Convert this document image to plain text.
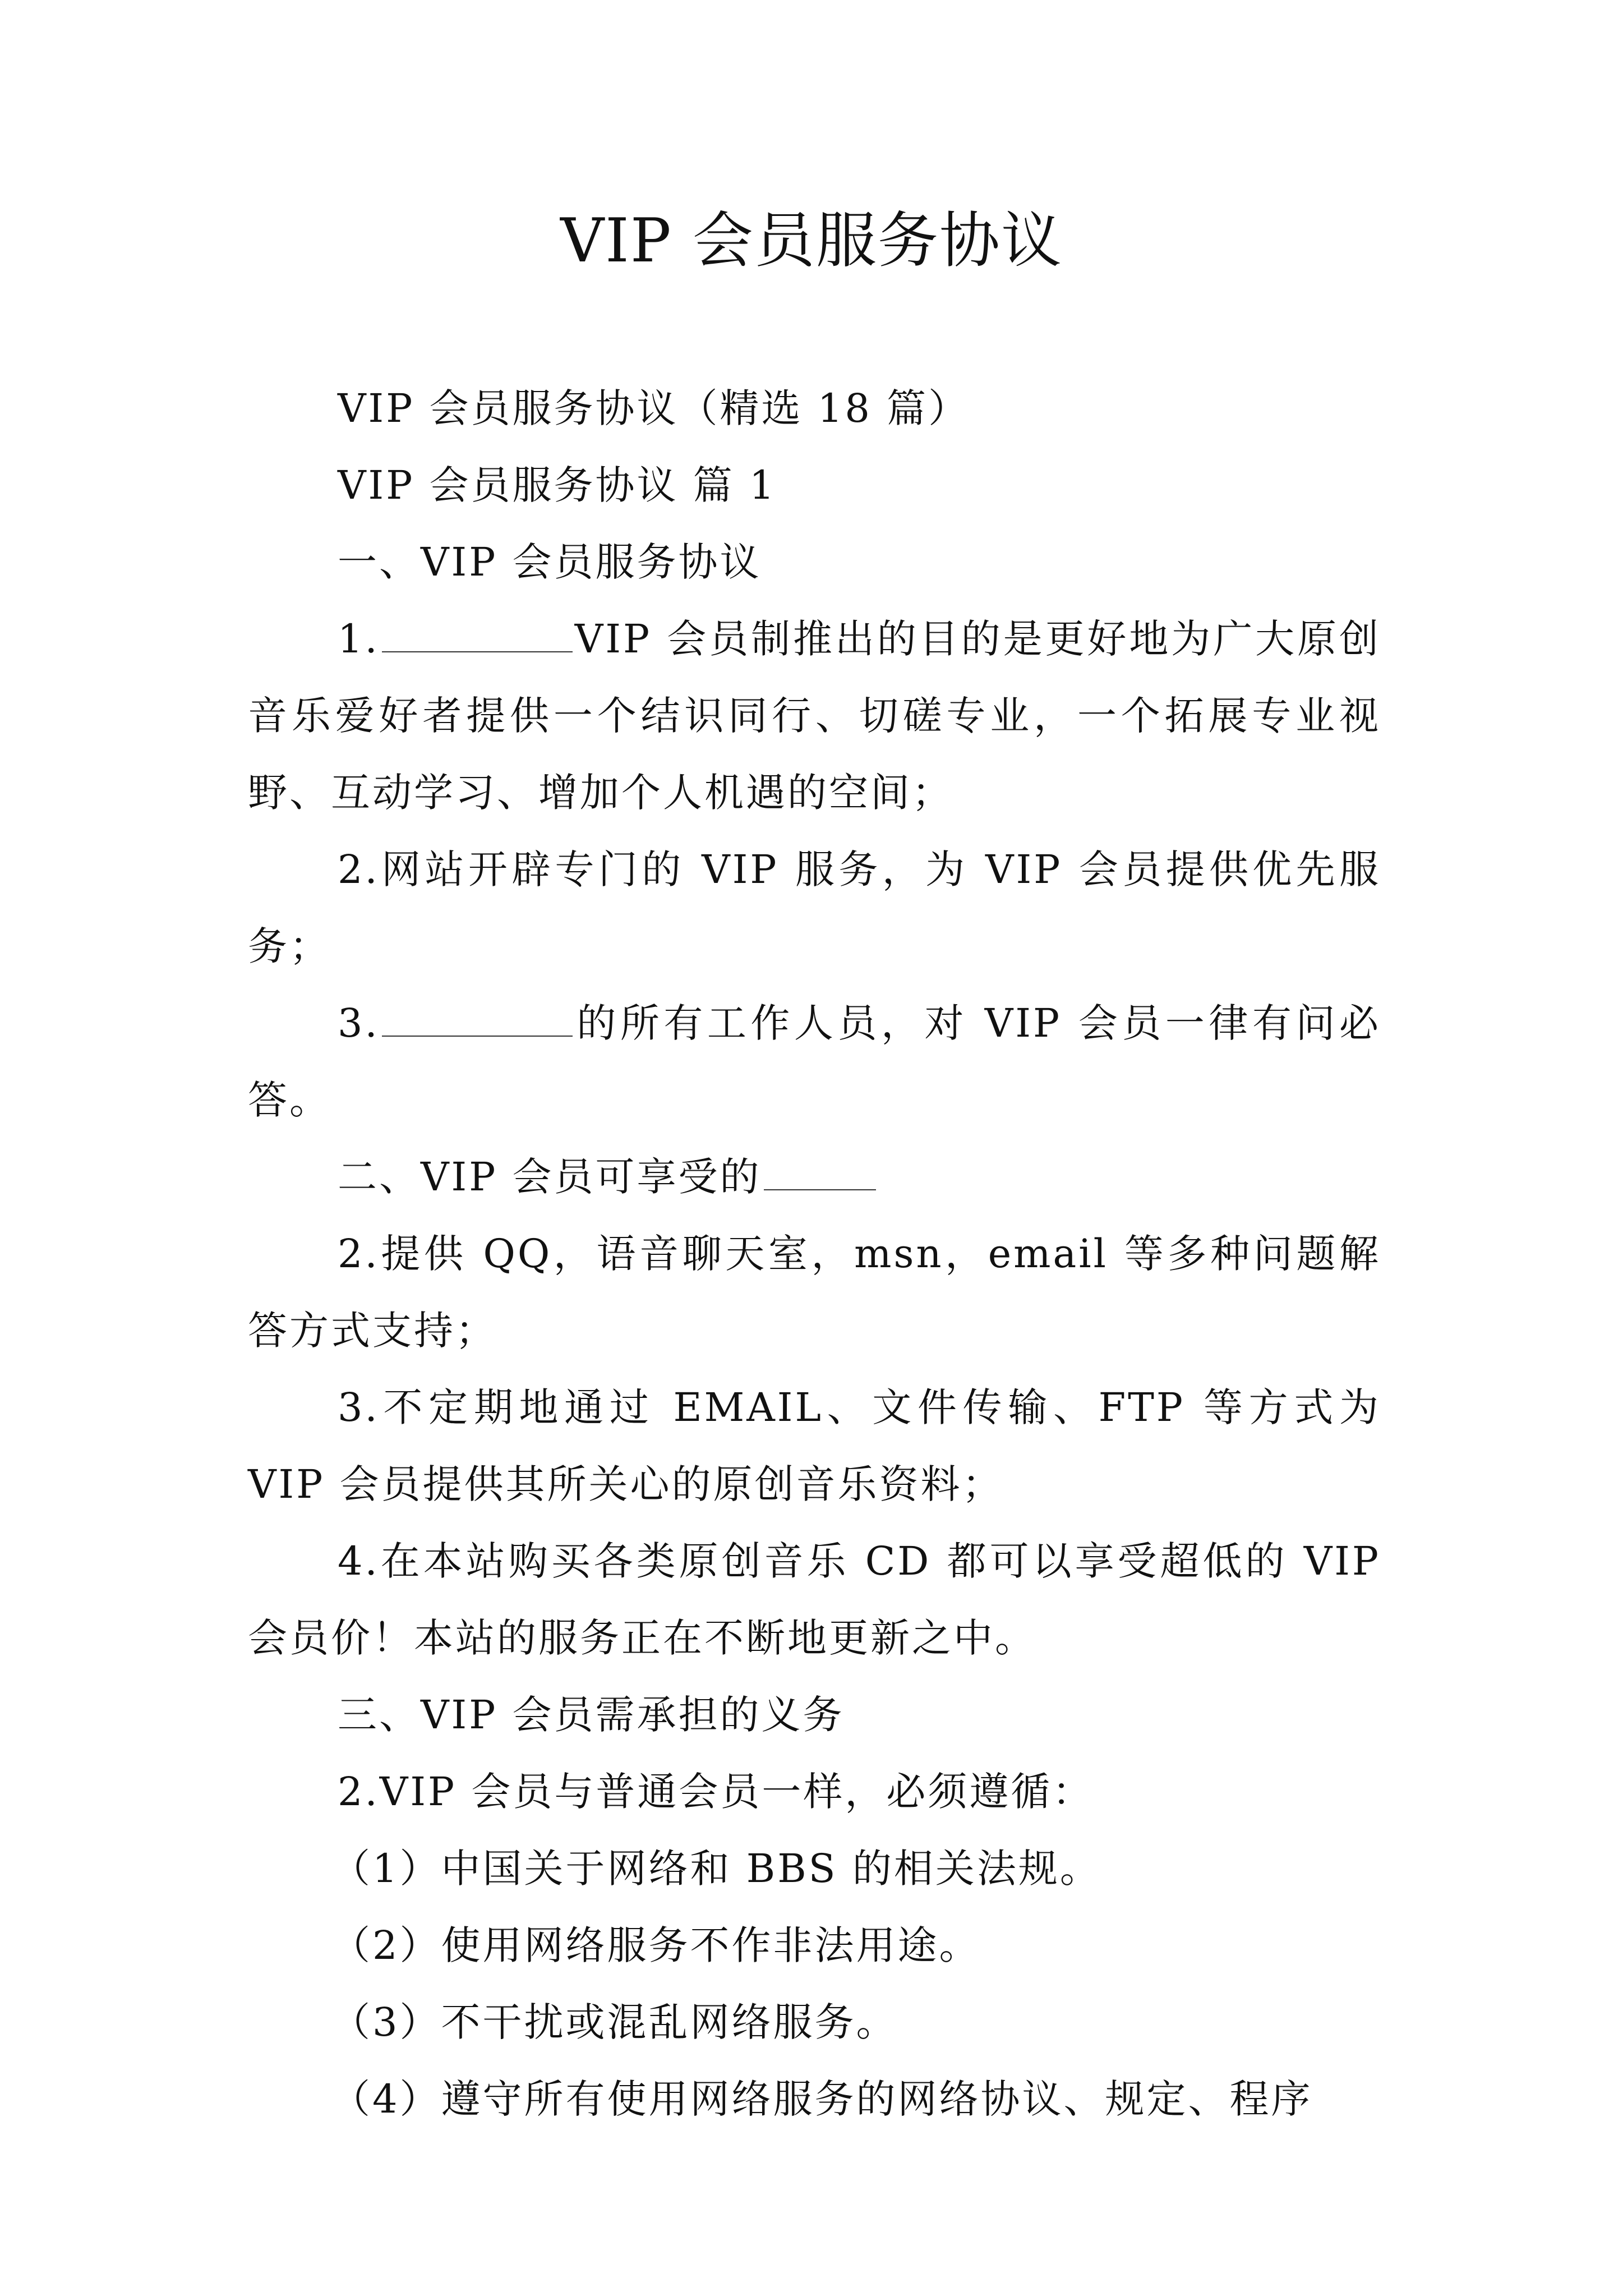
VIP 会员服务协议

VIP 会员服务协议（精选 18 篇）

VIP 会员服务协议 篇 1

一、VIP 会员服务协议

1.	VIP 会员制推出的目的是更好地为广大原创音乐爱好者提供一个结识同行、切磋专业，一个拓展专业视野、互动学习、增加个人机遇的空间；

2.网站开辟专门的 VIP 服务，为 VIP 会员提供优先服务；

3.	的所有工作人员，对 VIP 会员一律有问必答。

二、VIP 会员可享受的

2.提供 QQ，语音聊天室，msn，email 等多种问题解答方式支持；

3.不定期地通过 EMAIL、文件传输、FTP 等方式为 VIP 会员提供其所关心的原创音乐资料；

4.在本站购买各类原创音乐 CD 都可以享受超低的 VIP 会员价！本站的服务正在不断地更新之中。

三、VIP 会员需承担的义务

2.VIP 会员与普通会员一样，必须遵循：

（1）中国关于网络和 BBS 的相关法规。

（2）使用网络服务不作非法用途。

（3）不干扰或混乱网络服务。

（4）遵守所有使用网络服务的网络协议、规定、程序
